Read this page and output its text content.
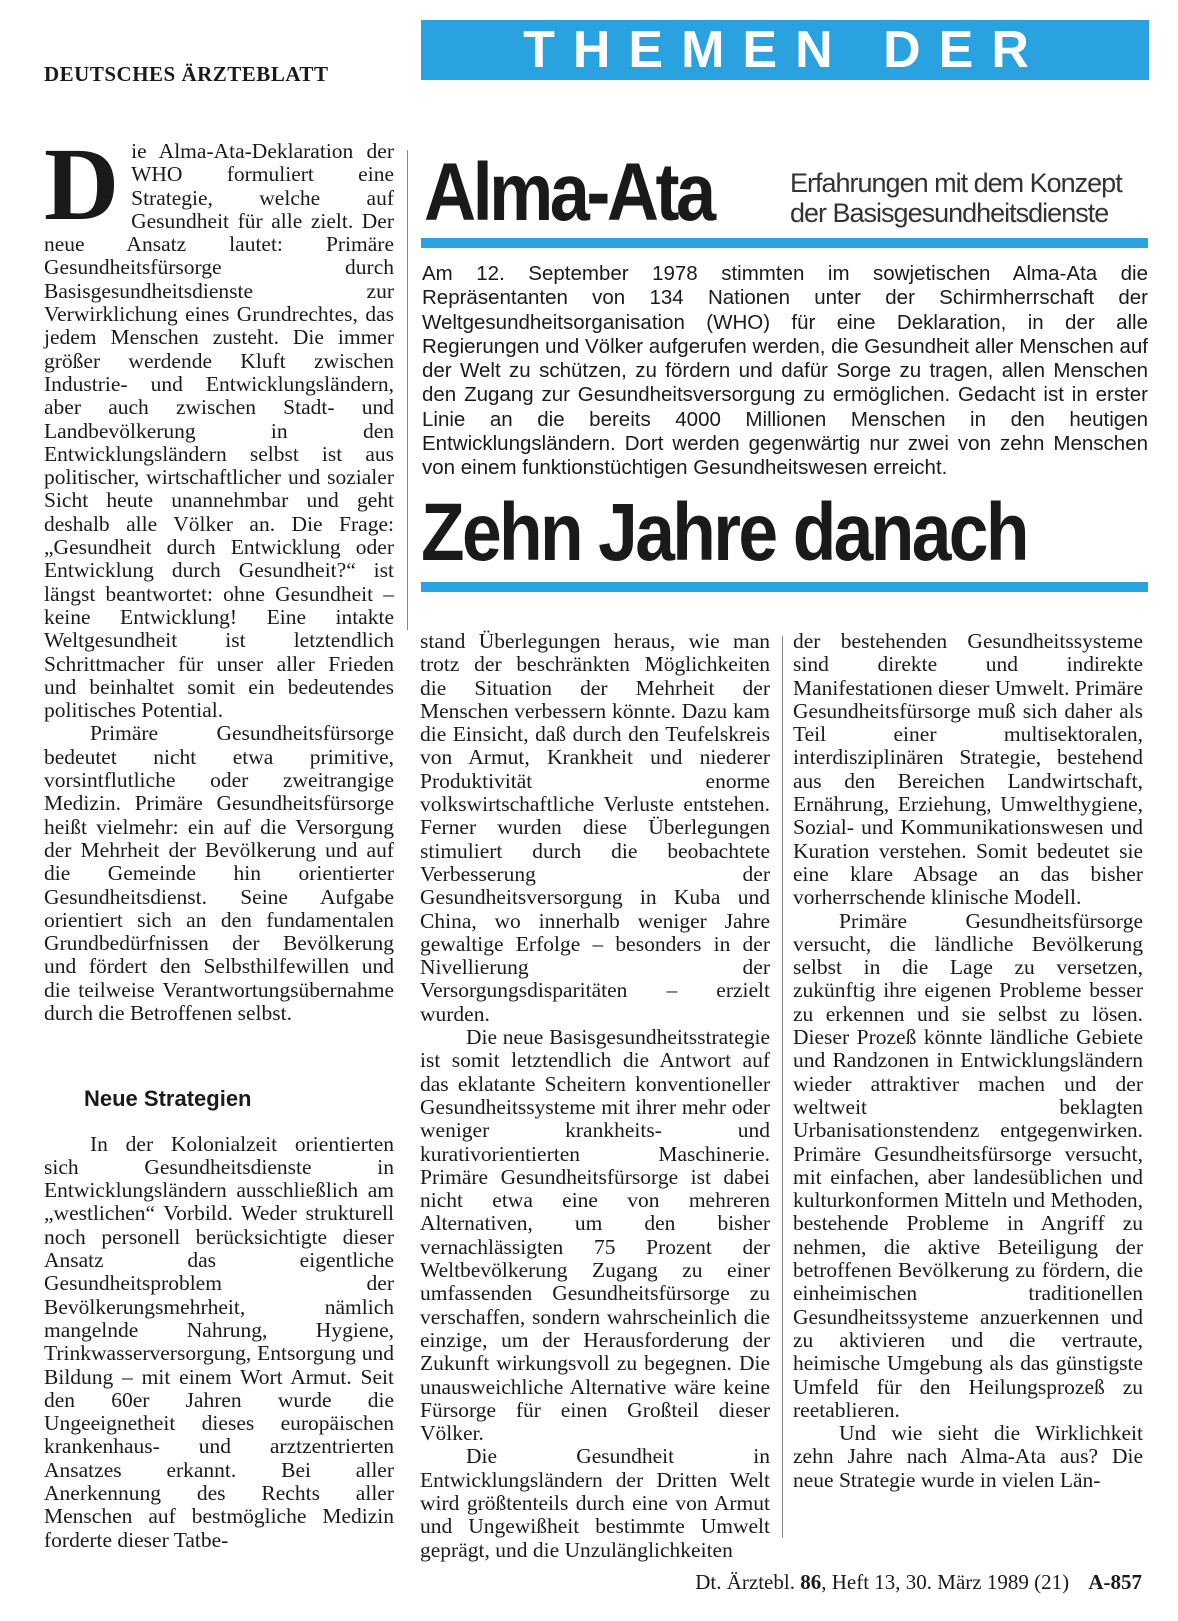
DEUTSCHES ÄRZTEBLATT	THEMEN DER ZEIT

Die Alma-Ata-Deklaration der WHO formuliert eine Strategie, welche auf Gesundheit für alle zielt. Der neue Ansatz lautet: Primäre Gesundheitsfürsorge durch Basisgesundheitsdienste zur Verwirklichung eines Grundrechtes, das jedem Menschen zusteht. Die immer größer werdende Kluft zwischen Industrie- und Entwicklungsländern, aber auch zwischen Stadt- und Landbevölkerung in den Entwicklungsländern selbst ist aus politischer, wirtschaftlicher und sozialer Sicht heute unannehmbar und geht deshalb alle Völker an. Die Frage: „Gesundheit durch Entwicklung oder Entwicklung durch Gesundheit?“ ist längst beantwortet: ohne Gesundheit – keine Entwicklung! Eine intakte Weltgesundheit ist letztendlich Schrittmacher für unser aller Frieden und beinhaltet somit ein bedeutendes politisches Potential.

Primäre Gesundheitsfürsorge bedeutet nicht etwa primitive, vorsintflutliche oder zweitrangige Medizin. Primäre Gesundheitsfürsorge heißt vielmehr: ein auf die Versorgung der Mehrheit der Bevölkerung und auf die Gemeinde hin orientierter Gesundheitsdienst. Seine Aufgabe orientiert sich an den fundamentalen Grundbedürfnissen der Bevölkerung und fördert den Selbsthilfewillen und die teilweise Verantwortungsübernahme durch die Betroffenen selbst.

Neue Strategien

In der Kolonialzeit orientierten sich Gesundheitsdienste in Entwicklungsländern ausschließlich am „westlichen“ Vorbild. Weder strukturell noch personell berücksichtigte dieser Ansatz das eigentliche Gesundheitsproblem der Bevölkerungsmehrheit, nämlich mangelnde Nahrung, Hygiene, Trinkwasserversorgung, Entsorgung und Bildung – mit einem Wort Armut. Seit den 60er Jahren wurde die Ungeeignetheit dieses europäischen krankenhaus- und arztzentrierten Ansatzes erkannt. Bei aller Anerkennung des Rechts aller Menschen auf bestmögliche Medizin forderte dieser Tatbe-

Alma-Ata	Erfahrungen mit dem Konzept
der Basisgesundheitsdienste
Am 12. September 1978 stimmten im sowjetischen Alma-Ata die Repräsentanten von 134 Nationen unter der Schirmherrschaft der Weltgesundheitsorganisation (WHO) für eine Deklaration, in der alle Regierungen und Völker aufgerufen werden, die Gesundheit aller Menschen auf der Welt zu schützen, zu fördern und dafür Sorge zu tragen, allen Menschen den Zugang zur Gesundheitsversorgung zu ermöglichen. Gedacht ist in erster Linie an die bereits 4000 Millionen Menschen in den heutigen Entwicklungsländern. Dort werden gegenwärtig nur zwei von zehn Menschen von einem funktionstüchtigen Gesundheitswesen erreicht.
Zehn Jahre danach

stand Überlegungen heraus, wie man trotz der beschränkten Möglichkeiten die Situation der Mehrheit der Menschen verbessern könnte. Dazu kam die Einsicht, daß durch den Teufelskreis von Armut, Krankheit und niederer Produktivität enorme volkswirtschaftliche Verluste entstehen. Ferner wurden diese Überlegungen stimuliert durch die beobachtete Verbesserung der Gesundheitsversorgung in Kuba und China, wo innerhalb weniger Jahre gewaltige Erfolge – besonders in der Nivellierung der Versorgungsdisparitäten – erzielt wurden.

Die neue Basisgesundheitsstrategie ist somit letztendlich die Antwort auf das eklatante Scheitern konventioneller Gesundheitssysteme mit ihrer mehr oder weniger krankheits- und kurativorientierten Maschinerie. Primäre Gesundheitsfürsorge ist dabei nicht etwa eine von mehreren Alternativen, um den bisher vernachlässigten 75 Prozent der Weltbevölkerung Zugang zu einer umfassenden Gesundheitsfürsorge zu verschaffen, sondern wahrscheinlich die einzige, um der Herausforderung der Zukunft wirkungsvoll zu begegnen. Die unausweichliche Alternative wäre keine Fürsorge für einen Großteil dieser Völker.

Die Gesundheit in Entwicklungsländern der Dritten Welt wird größtenteils durch eine von Armut und Ungewißheit bestimmte Umwelt geprägt, und die Unzulänglichkeiten

der bestehenden Gesundheitssysteme sind direkte und indirekte Manifestationen dieser Umwelt. Primäre Gesundheitsfürsorge muß sich daher als Teil einer multisektoralen, interdisziplinären Strategie, bestehend aus den Bereichen Landwirtschaft, Ernährung, Erziehung, Umwelthygiene, Sozial- und Kommunikationswesen und Kuration verstehen. Somit bedeutet sie eine klare Absage an das bisher vorherrschende klinische Modell.

Primäre Gesundheitsfürsorge versucht, die ländliche Bevölkerung selbst in die Lage zu versetzen, zukünftig ihre eigenen Probleme besser zu erkennen und sie selbst zu lösen. Dieser Prozeß könnte ländliche Gebiete und Randzonen in Entwicklungsländern wieder attraktiver machen und der weltweit beklagten Urbanisationstendenz entgegenwirken. Primäre Gesundheitsfürsorge versucht, mit einfachen, aber landesüblichen und kulturkonformen Mitteln und Methoden, bestehende Probleme in Angriff zu nehmen, die aktive Beteiligung der betroffenen Bevölkerung zu fördern, die einheimischen traditionellen Gesundheitssysteme anzuerkennen und zu aktivieren und die vertraute, heimische Umgebung als das günstigste Umfeld für den Heilungsprozeß zu reetablieren.

Und wie sieht die Wirklichkeit zehn Jahre nach Alma-Ata aus? Die neue Strategie wurde in vielen Län-

Dt. Ärztebl. 86, Heft 13, 30. März 1989 (21) A-857
